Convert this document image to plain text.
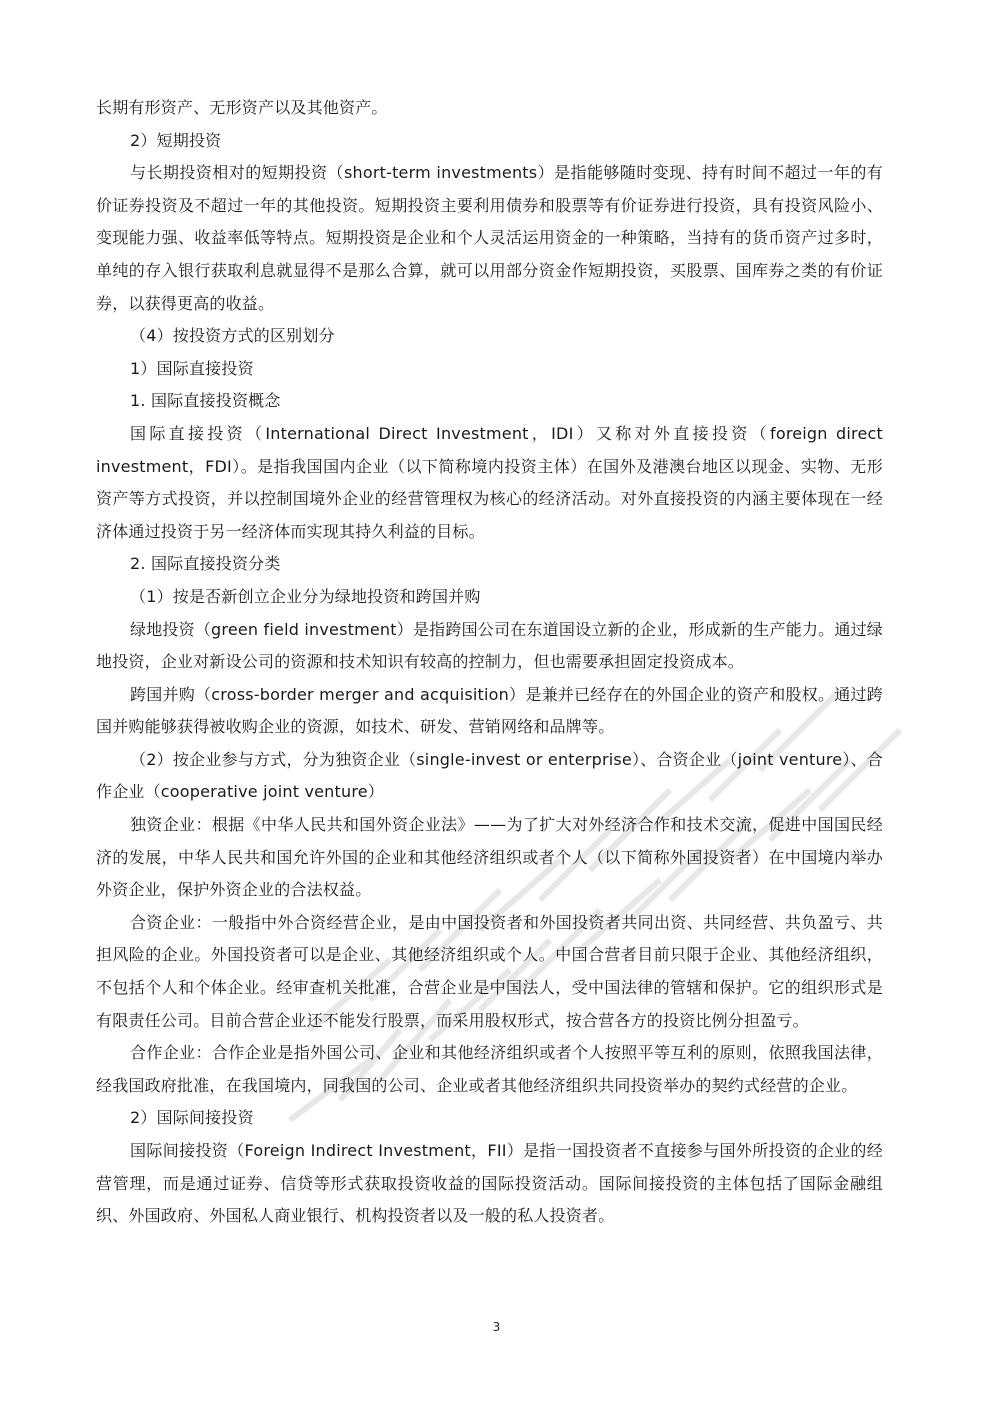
长期有形资产、无形资产以及其他资产。

2）短期投资

与长期投资相对的短期投资（short-term investments）是指能够随时变现、持有时间不超过一年的有价证券投资及不超过一年的其他投资。短期投资主要利用债券和股票等有价证券进行投资，具有投资风险小、变现能力强、收益率低等特点。短期投资是企业和个人灵活运用资金的一种策略，当持有的货币资产过多时，单纯的存入银行获取利息就显得不是那么合算，就可以用部分资金作短期投资，买股票、国库券之类的有价证券，以获得更高的收益。

（4）按投资方式的区别划分

1）国际直接投资

1. 国际直接投资概念

国际直接投资（International Direct Investment，IDI）又称对外直接投资（foreign direct investment，FDI）。是指我国国内企业（以下简称境内投资主体）在国外及港澳台地区以现金、实物、无形资产等方式投资，并以控制国境外企业的经营管理权为核心的经济活动。对外直接投资的内涵主要体现在一经济体通过投资于另一经济体而实现其持久利益的目标。

2. 国际直接投资分类

（1）按是否新创立企业分为绿地投资和跨国并购

绿地投资（green field investment）是指跨国公司在东道国设立新的企业，形成新的生产能力。通过绿地投资，企业对新设公司的资源和技术知识有较高的控制力，但也需要承担固定投资成本。

跨国并购（cross-border merger and acquisition）是兼并已经存在的外国企业的资产和股权。通过跨国并购能够获得被收购企业的资源，如技术、研发、营销网络和品牌等。

（2）按企业参与方式，分为独资企业（single-invest or enterprise）、合资企业（joint venture）、合作企业（cooperative joint venture）

独资企业：根据《中华人民共和国外资企业法》——为了扩大对外经济合作和技术交流，促进中国国民经济的发展，中华人民共和国允许外国的企业和其他经济组织或者个人（以下简称外国投资者）在中国境内举办外资企业，保护外资企业的合法权益。

合资企业：一般指中外合资经营企业，是由中国投资者和外国投资者共同出资、共同经营、共负盈亏、共担风险的企业。外国投资者可以是企业、其他经济组织或个人。中国合营者目前只限于企业、其他经济组织，不包括个人和个体企业。经审查机关批准，合营企业是中国法人，受中国法律的管辖和保护。它的组织形式是有限责任公司。目前合营企业还不能发行股票，而采用股权形式，按合营各方的投资比例分担盈亏。

合作企业：合作企业是指外国公司、企业和其他经济组织或者个人按照平等互利的原则，依照我国法律，经我国政府批准，在我国境内，同我国的公司、企业或者其他经济组织共同投资举办的契约式经营的企业。

2）国际间接投资

国际间接投资（Foreign Indirect Investment，FII）是指一国投资者不直接参与国外所投资的企业的经营管理，而是通过证券、信贷等形式获取投资收益的国际投资活动。国际间接投资的主体包括了国际金融组织、外国政府、外国私人商业银行、机构投资者以及一般的私人投资者。

3
